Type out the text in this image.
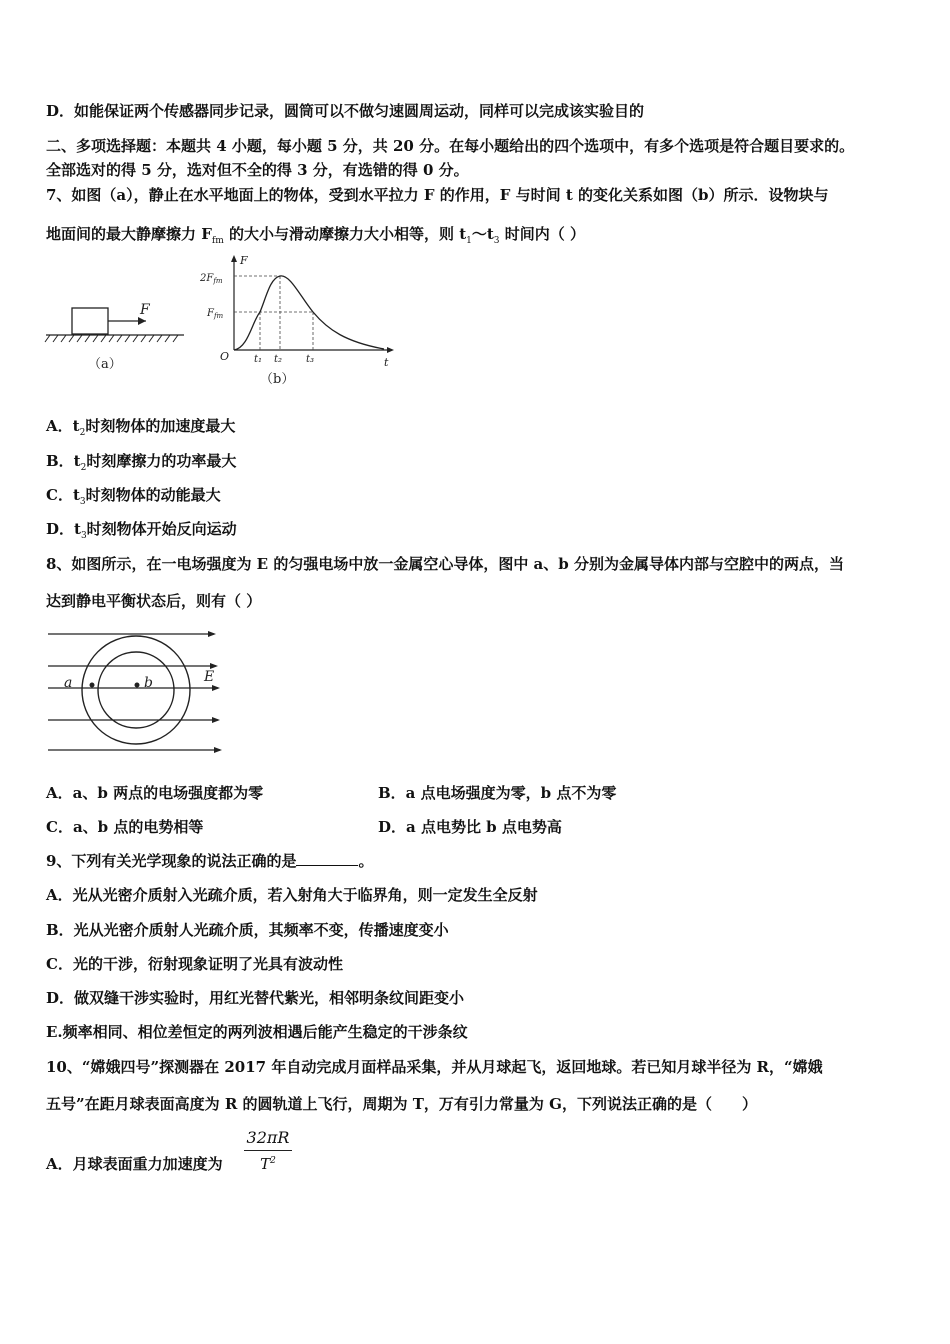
D．如能保证两个传感器同步记录，圆筒可以不做匀速圆周运动，同样可以完成该实验目的
二、多项选择题：本题共 4 小题，每小题 5 分，共 20 分。在每小题给出的四个选项中，有多个选项是符合题目要求的。
全部选对的得 5 分，选对但不全的得 3 分，有选错的得 0 分。
7、如图（a），静止在水平地面上的物体，受到水平拉力 F 的作用，F 与时间 t 的变化关系如图（b）所示．设物块与
地面间的最大静摩擦力 $F_{fm}$ 的大小与滑动摩擦力大小相等，则 $t_1\sim t_3$ 时间内（ ）
F
（a）
F
t
O
$2F_{fm}$
$F_{fm}$
t₁ t₂ t₃
（b）
A．$t_2$时刻物体的加速度最大
B．$t_2$时刻摩擦力的功率最大
C．$t_3$时刻物体的动能最大
D．$t_3$时刻物体开始反向运动
8、如图所示，在一电场强度为 E 的匀强电场中放一金属空心导体，图中 a、b 分别为金属导体内部与空腔中的两点，当
达到静电平衡状态后，则有（ ）
a	b	E
A．a、b 两点的电场强度都为零	B．a 点电场强度为零，b 点不为零
C．a、b 点的电势相等	D．a 点电势比 b 点电势高
9、下列有关光学现象的说法正确的是	。
A．光从光密介质射入光疏介质，若入射角大于临界角，则一定发生全反射
B．光从光密介质射人光疏介质，其频率不变，传播速度变小
C．光的干涉，衍射现象证明了光具有波动性
D．做双缝干涉实验时，用红光替代紫光，相邻明条纹间距变小
E.频率相同、相位差恒定的两列波相遇后能产生稳定的干涉条纹
10、“嫦娥四号”探测器在 2017 年自动完成月面样品采集，并从月球起飞，返回地球。若已知月球半径为 R，“嫦娥
五号”在距月球表面高度为 R 的圆轨道上飞行，周期为 T，万有引力常量为 G，下列说法正确的是（　　）
A．月球表面重力加速度为 $\frac{32\pi R}{T^2}$
